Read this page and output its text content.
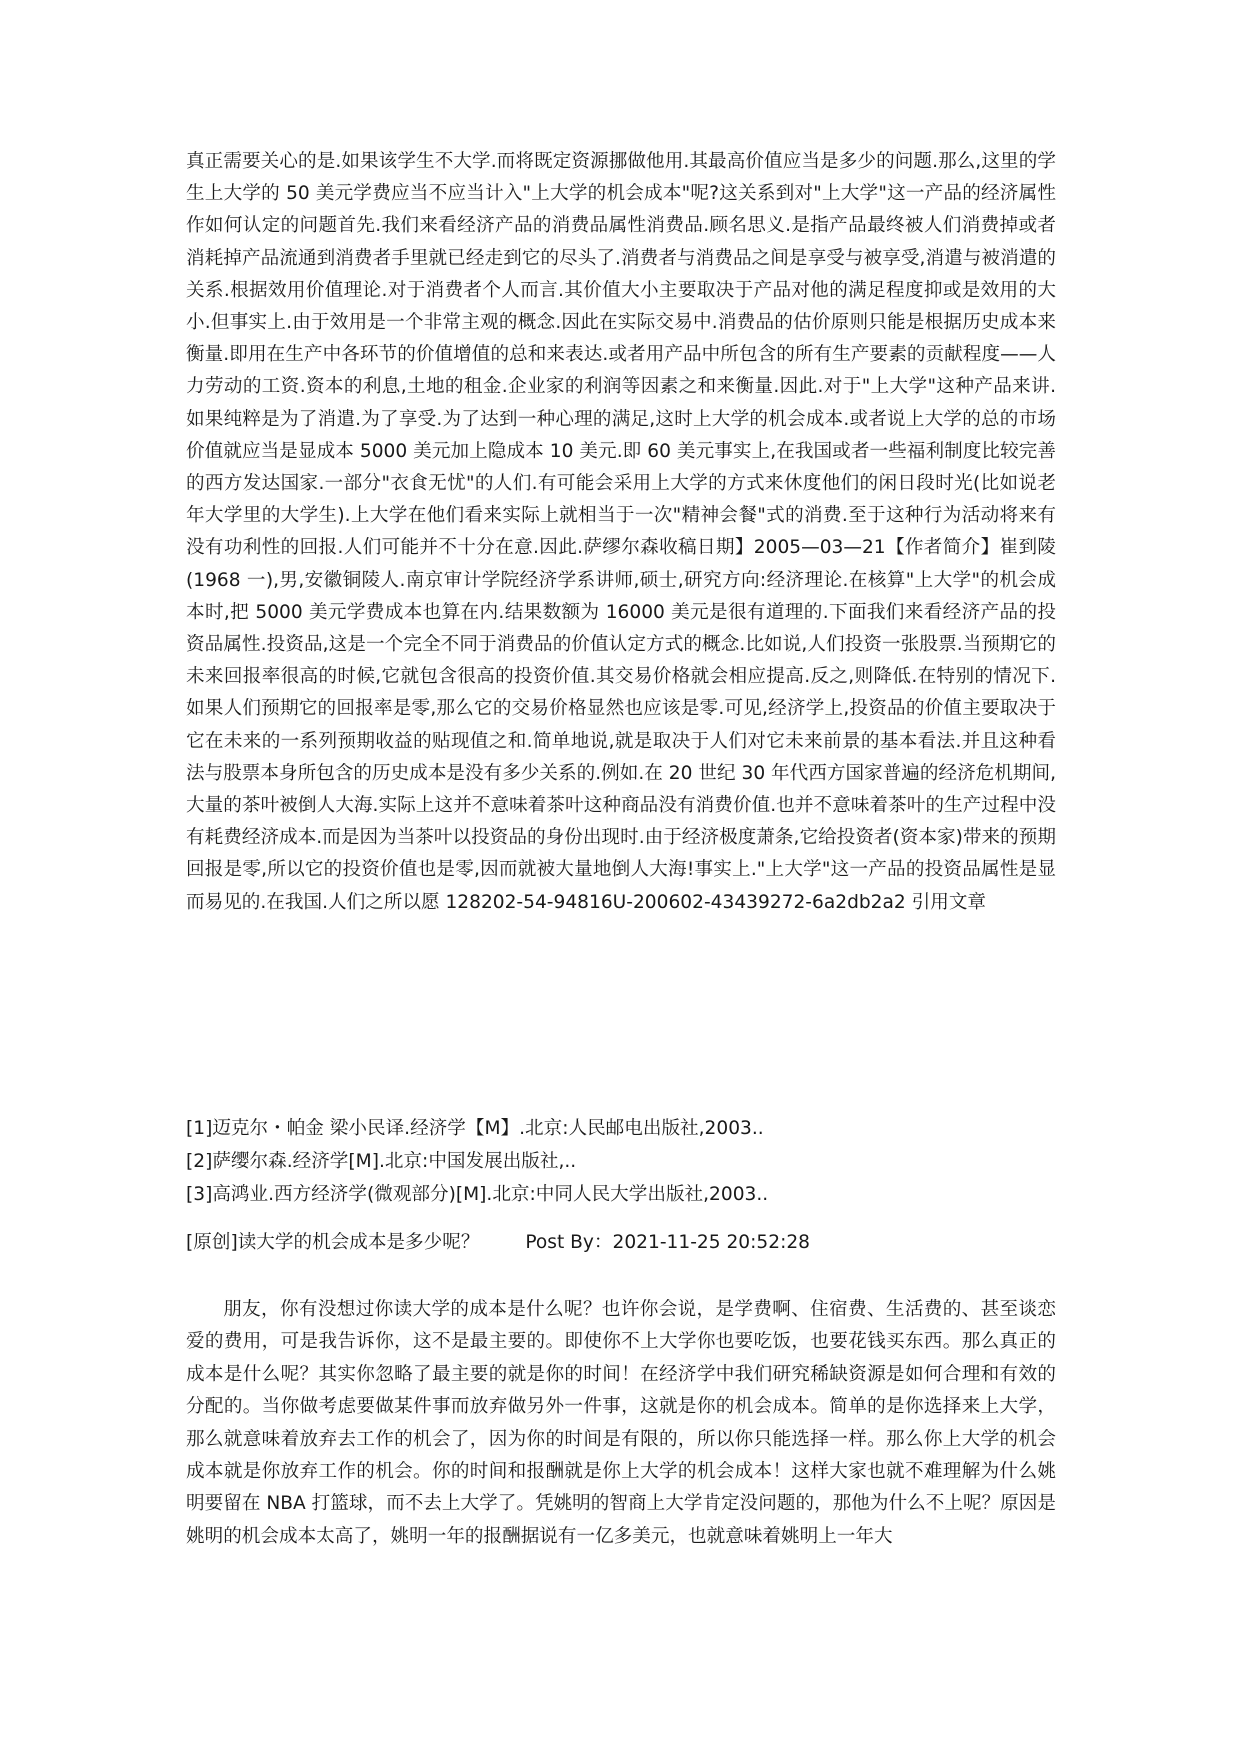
真正需要关心的是.如果该学生不大学.而将既定资源挪做他用.其最高价值应当是多少的问题.那么,这里的学生上大学的 50 美元学费应当不应当计入"上大学的机会成本"呢?这关系到对"上大学"这一产品的经济属性作如何认定的问题首先.我们来看经济产品的消费品属性消费品.顾名思义.是指产品最终被人们消费掉或者消耗掉产品流通到消费者手里就已经走到它的尽头了.消费者与消费品之间是享受与被享受,消遣与被消遣的关系.根据效用价值理论.对于消费者个人而言.其价值大小主要取决于产品对他的满足程度抑或是效用的大小.但事实上.由于效用是一个非常主观的概念.因此在实际交易中.消费品的估价原则只能是根据历史成本来衡量.即用在生产中各环节的价值增值的总和来表达.或者用产品中所包含的所有生产要素的贡献程度——人力劳动的工资.资本的利息,土地的租金.企业家的利润等因素之和来衡量.因此.对于"上大学"这种产品来讲.如果纯粹是为了消遣.为了享受.为了达到一种心理的满足,这时上大学的机会成本.或者说上大学的总的市场价值就应当是显成本 5000 美元加上隐成本 10 美元.即 60 美元事实上,在我国或者一些福利制度比较完善的西方发达国家.一部分"衣食无忧"的人们.有可能会采用上大学的方式来休度他们的闲日段时光(比如说老年大学里的大学生).上大学在他们看来实际上就相当于一次"精神会餐"式的消费.至于这种行为活动将来有没有功利性的回报.人们可能并不十分在意.因此.萨缪尔森收稿日期】2005—03—21【作者简介】崔到陵(1968 一),男,安徽铜陵人.南京审计学院经济学系讲师,硕士,研究方向:经济理论.在核算"上大学"的机会成本时,把 5000 美元学费成本也算在内.结果数额为 16000 美元是很有道理的.下面我们来看经济产品的投资品属性.投资品,这是一个完全不同于消费品的价值认定方式的概念.比如说,人们投资一张股票.当预期它的未来回报率很高的时候,它就包含很高的投资价值.其交易价格就会相应提高.反之,则降低.在特别的情况下.如果人们预期它的回报率是零,那么它的交易价格显然也应该是零.可见,经济学上,投资品的价值主要取决于它在未来的一系列预期收益的贴现值之和.简单地说,就是取决于人们对它未来前景的基本看法.并且这种看法与股票本身所包含的历史成本是没有多少关系的.例如.在 20 世纪 30 年代西方国家普遍的经济危机期间,大量的茶叶被倒人大海.实际上这并不意味着茶叶这种商品没有消费价值.也并不意味着茶叶的生产过程中没有耗费经济成本.而是因为当茶叶以投资品的身份出现时.由于经济极度萧条,它给投资者(资本家)带来的预期回报是零,所以它的投资价值也是零,因而就被大量地倒人大海!事实上."上大学"这一产品的投资品属性是显而易见的.在我国.人们之所以愿 128202-54-94816U-200602-43439272-6a2db2a2 引用文章

[1]迈克尔・帕金 梁小民译.经济学【M】.北京:人民邮电出版社,2003..
[2]萨缨尔森.经济学[M].北京:中国发展出版社,..
[3]高鸿业.西方经济学(微观部分)[M].北京:中同人民大学出版社,2003..
[原创]读大学的机会成本是多少呢？ Post By：2021-11-25 20:52:28

朋友，你有没想过你读大学的成本是什么呢？也许你会说，是学费啊、住宿费、生活费的、甚至谈恋爱的费用，可是我告诉你，这不是最主要的。即使你不上大学你也要吃饭，也要花钱买东西。那么真正的成本是什么呢？其实你忽略了最主要的就是你的时间！在经济学中我们研究稀缺资源是如何合理和有效的分配的。当你做考虑要做某件事而放弃做另外一件事，这就是你的机会成本。简单的是你选择来上大学，那么就意味着放弃去工作的机会了，因为你的时间是有限的，所以你只能选择一样。那么你上大学的机会成本就是你放弃工作的机会。你的时间和报酬就是你上大学的机会成本！这样大家也就不难理解为什么姚明要留在 NBA 打篮球，而不去上大学了。凭姚明的智商上大学肯定没问题的，那他为什么不上呢？原因是姚明的机会成本太高了，姚明一年的报酬据说有一亿多美元，也就意味着姚明上一年大
